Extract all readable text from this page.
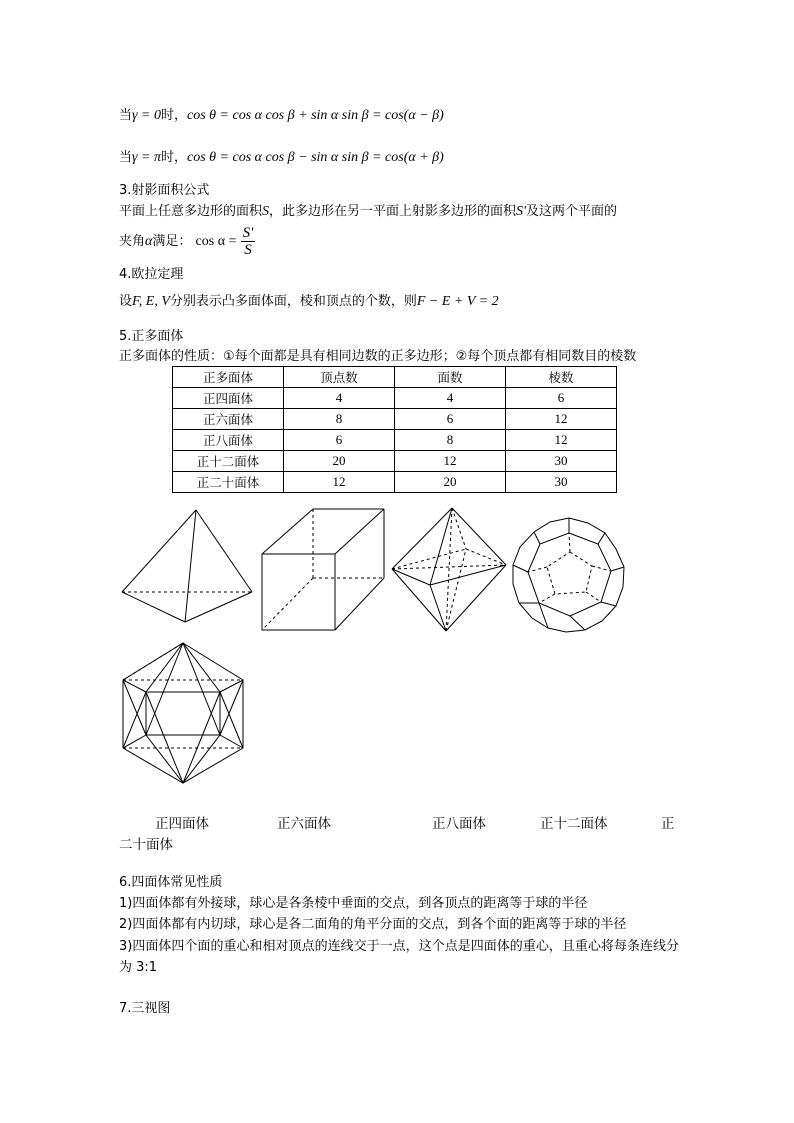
当γ = 0时，cos θ = cos α cos β + sin α sin β = cos(α − β)
当γ = π时，cos θ = cos α cos β − sin α sin β = cos(α + β)
3.射影面积公式
平面上任意多边形的面积S，此多边形在另一平面上射影多边形的面积S'及这两个平面的
夹角α满足： $\cos \alpha = \frac{S'}{S}$
4.欧拉定理
设F, E, V分别表示凸多面体面，棱和顶点的个数，则F − E + V = 2
5.正多面体
正多面体的性质：①每个面都是具有相同边数的正多边形；②每个顶点都有相同数目的棱数
正多面体	顶点数	面数	棱数
正四面体	4	4	6
正六面体	8	6	12
正八面体	6	8	12
正十二面体	20	12	30
正二十面体	12	20	30
正四面体	正六面体	正八面体	正十二面体	正
二十面体
6.四面体常见性质
1)四面体都有外接球，球心是各条棱中垂面的交点，到各顶点的距离等于球的半径
2)四面体都有内切球，球心是各二面角的角平分面的交点，到各个面的距离等于球的半径
3)四面体四个面的重心和相对顶点的连线交于一点，这个点是四面体的重心，且重心将每条连线分为 3:1
7.三视图
